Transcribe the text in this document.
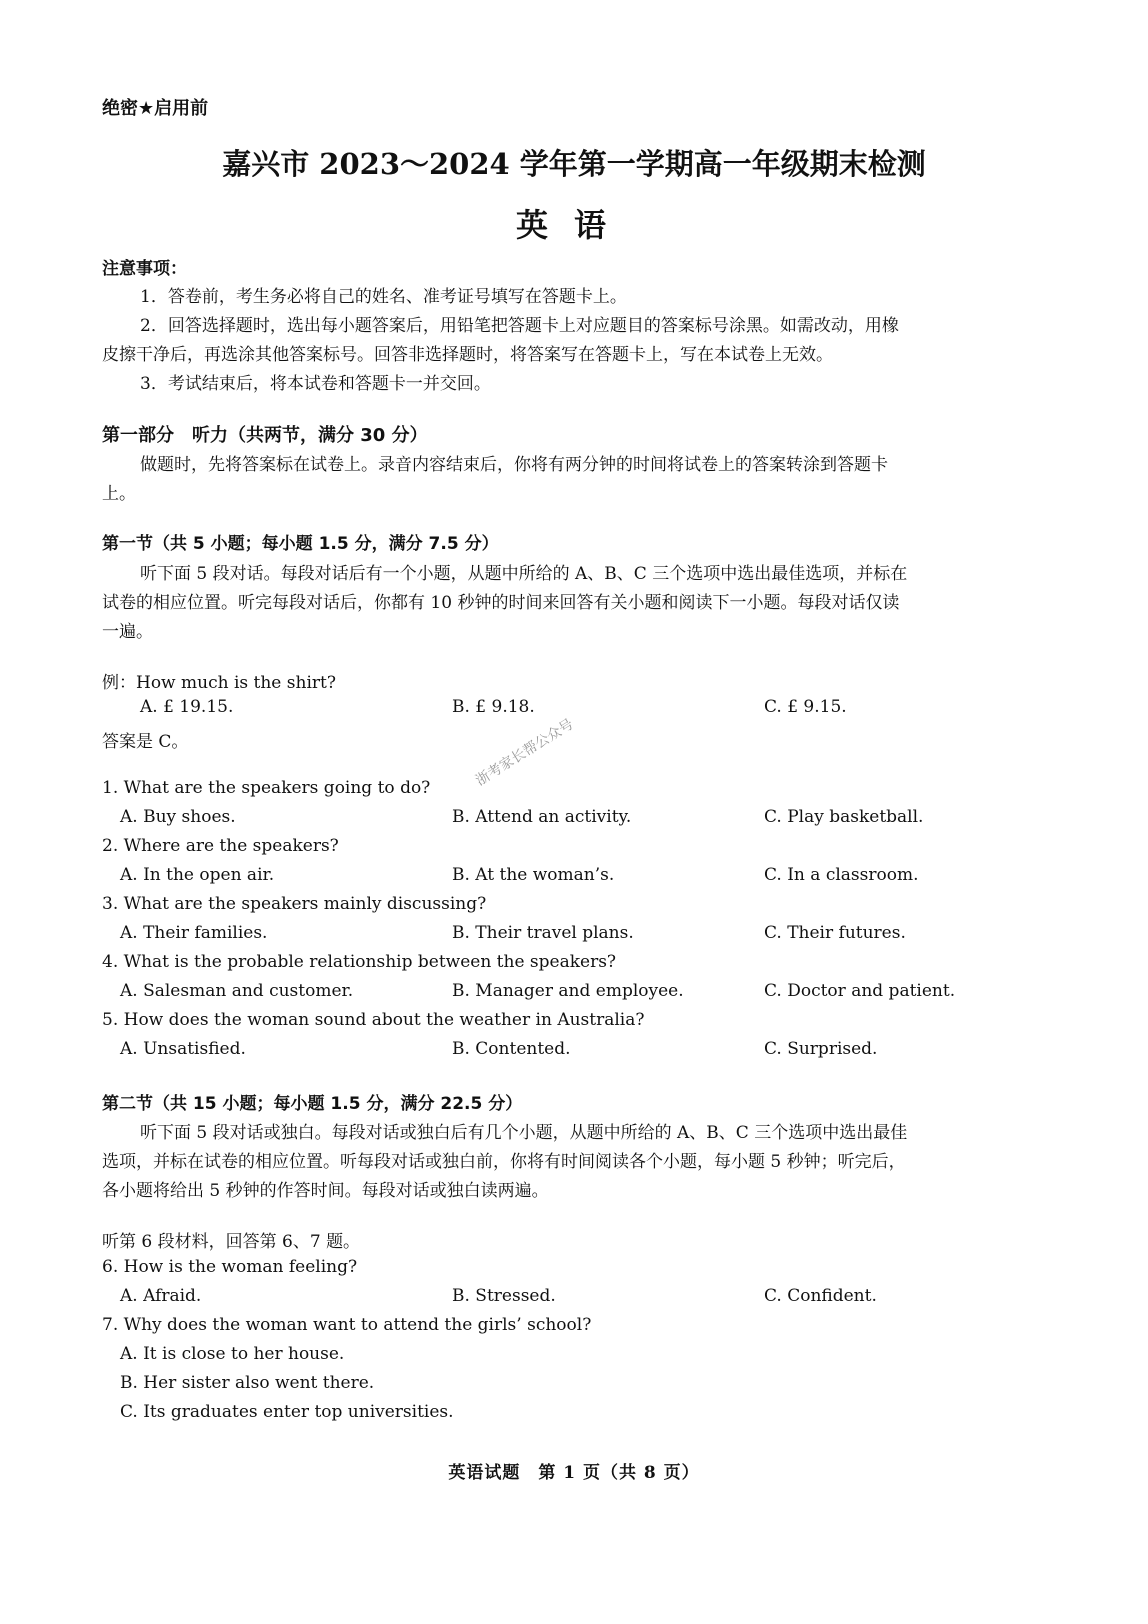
绝密★启用前
嘉兴市 2023～2024 学年第一学期高一年级期末检测
英语
注意事项：
1．答卷前，考生务必将自己的姓名、准考证号填写在答题卡上。
2．回答选择题时，选出每小题答案后，用铅笔把答题卡上对应题目的答案标号涂黑。如需改动，用橡
皮擦干净后，再选涂其他答案标号。回答非选择题时，将答案写在答题卡上，写在本试卷上无效。
3．考试结束后，将本试卷和答题卡一并交回。
第一部分　听力（共两节，满分 30 分）
做题时，先将答案标在试卷上。录音内容结束后，你将有两分钟的时间将试卷上的答案转涂到答题卡
上。
第一节（共 5 小题；每小题 1.5 分，满分 7.5 分）
听下面 5 段对话。每段对话后有一个小题，从题中所给的 A、B、C 三个选项中选出最佳选项，并标在
试卷的相应位置。听完每段对话后，你都有 10 秒钟的时间来回答有关小题和阅读下一小题。每段对话仅读
一遍。
例：How much is the shirt?
A. £ 19.15.	B. £ 9.18.	C. £ 9.15.
答案是 C。
1. What are the speakers going to do?
A. Buy shoes.	B. Attend an activity.	C. Play basketball.
2. Where are the speakers?
A. In the open air.	B. At the woman’s.	C. In a classroom.
3. What are the speakers mainly discussing?
A. Their families.	B. Their travel plans.	C. Their futures.
4. What is the probable relationship between the speakers?
A. Salesman and customer.	B. Manager and employee.	C. Doctor and patient.
5. How does the woman sound about the weather in Australia?
A. Unsatisfied.	B. Contented.	C. Surprised.
第二节（共 15 小题；每小题 1.5 分，满分 22.5 分）
听下面 5 段对话或独白。每段对话或独白后有几个小题，从题中所给的 A、B、C 三个选项中选出最佳
选项，并标在试卷的相应位置。听每段对话或独白前，你将有时间阅读各个小题，每小题 5 秒钟；听完后，
各小题将给出 5 秒钟的作答时间。每段对话或独白读两遍。
听第 6 段材料，回答第 6、7 题。
6. How is the woman feeling?
A. Afraid.	B. Stressed.	C. Confident.
7. Why does the woman want to attend the girls’ school?
A. It is close to her house.
B. Her sister also went there.
C. Its graduates enter top universities.
英语试题　第 1 页（共 8 页）
浙考家长帮公众号
